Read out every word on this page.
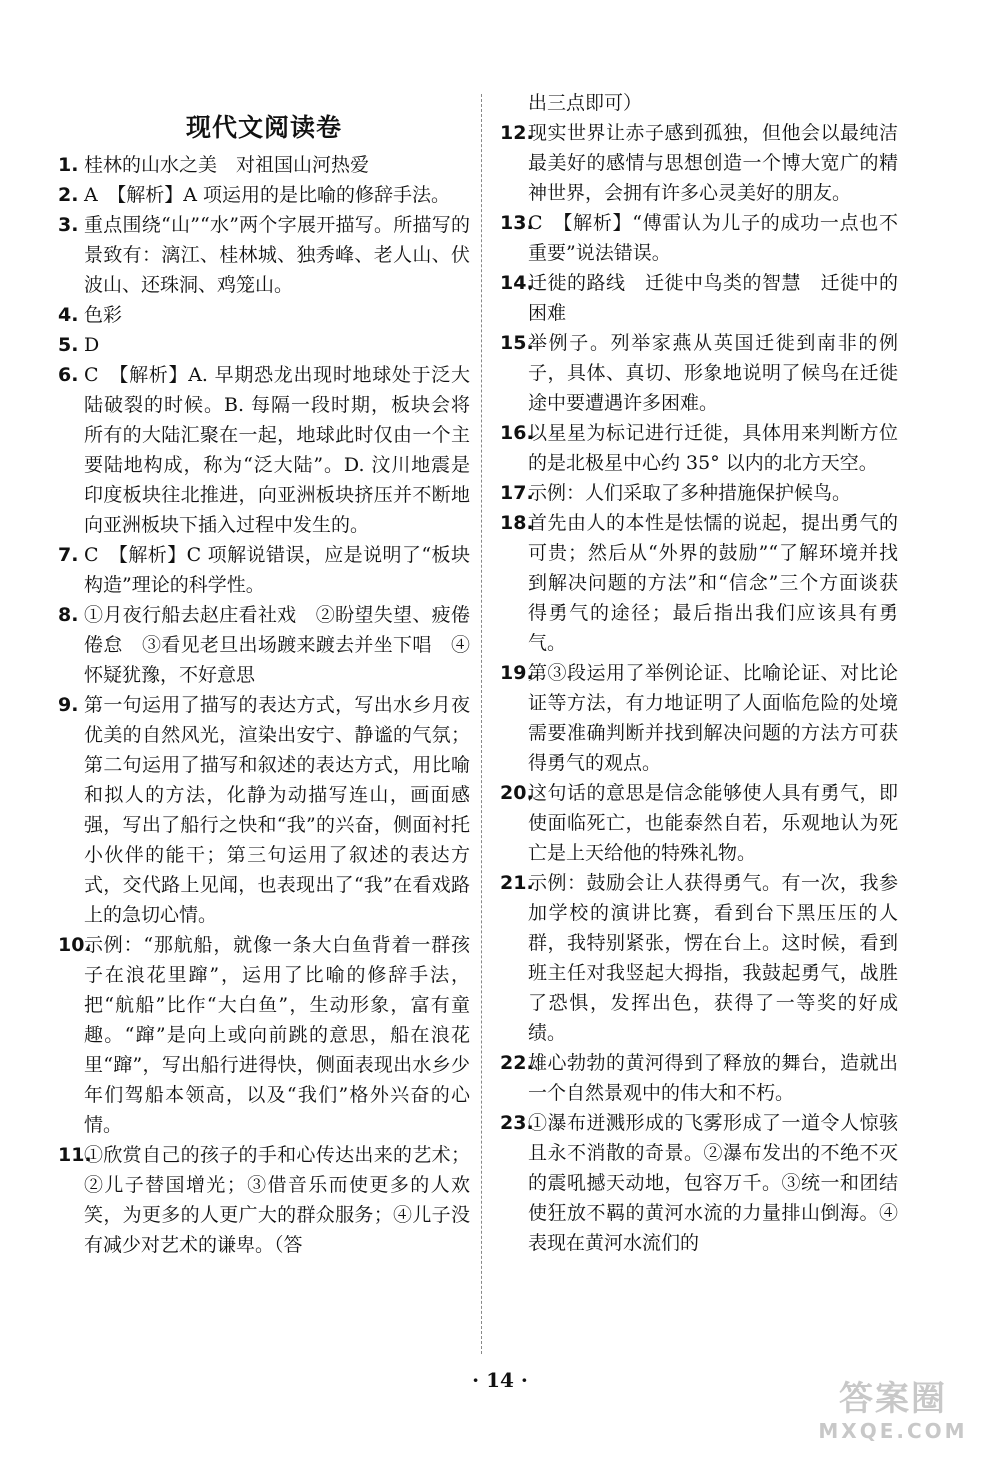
现代文阅读卷

1. 桂林的山水之美　对祖国山河热爱

2. A　【解析】A 项运用的是比喻的修辞手法。

3. 重点围绕“山”“水”两个字展开描写。所描写的景致有：漓江、桂林城、独秀峰、老人山、伏波山、还珠洞、鸡笼山。

4. 色彩

5. D

6. C　【解析】A. 早期恐龙出现时地球处于泛大陆破裂的时候。B. 每隔一段时期，板块会将所有的大陆汇聚在一起，地球此时仅由一个主要陆地构成，称为“泛大陆”。D. 汶川地震是印度板块往北推进，向亚洲板块挤压并不断地向亚洲板块下插入过程中发生的。

7. C　【解析】C 项解说错误，应是说明了“板块构造”理论的科学性。

8. ①月夜行船去赵庄看社戏　②盼望失望、疲倦倦怠　③看见老旦出场踱来踱去并坐下唱　④怀疑犹豫，不好意思

9. 第一句运用了描写的表达方式，写出水乡月夜优美的自然风光，渲染出安宁、静谧的气氛；第二句运用了描写和叙述的表达方式，用比喻和拟人的方法，化静为动描写连山，画面感强，写出了船行之快和“我”的兴奋，侧面衬托小伙伴的能干；第三句运用了叙述的表达方式，交代路上见闻，也表现出了“我”在看戏路上的急切心情。

10.
示例：“那航船，就像一条大白鱼背着一群孩子在浪花里蹿”，运用了比喻的修辞手法，把“航船”比作“大白鱼”，生动形象，富有童趣。“蹿”是向上或向前跳的意思，船在浪花里“蹿”，写出船行进得快，侧面表现出水乡少年们驾船本领高，以及“我们”格外兴奋的心情。

11.
①欣赏自己的孩子的手和心传达出来的艺术；②儿子替国增光；③借音乐而使更多的人欢笑，为更多的人更广大的群众服务；④儿子没有减少对艺术的谦卑。（答

出三点即可）

12.
现实世界让赤子感到孤独，但他会以最纯洁最美好的感情与思想创造一个博大宽广的精神世界，会拥有许多心灵美好的朋友。

13.
C　【解析】“傅雷认为儿子的成功一点也不重要”说法错误。

14.
迁徙的路线　迁徙中鸟类的智慧　迁徙中的困难

15.
举例子。列举家燕从英国迁徙到南非的例子，具体、真切、形象地说明了候鸟在迁徙途中要遭遇许多困难。

16.
以星星为标记进行迁徙，具体用来判断方位的是北极星中心约 35° 以内的北方天空。

17.
示例：人们采取了多种措施保护候鸟。

18.
首先由人的本性是怯懦的说起，提出勇气的可贵；然后从“外界的鼓励”“了解环境并找到解决问题的方法”和“信念”三个方面谈获得勇气的途径；最后指出我们应该具有勇气。

19.
第③段运用了举例论证、比喻论证、对比论证等方法，有力地证明了人面临危险的处境需要准确判断并找到解决问题的方法方可获得勇气的观点。

20.
这句话的意思是信念能够使人具有勇气，即使面临死亡，也能泰然自若，乐观地认为死亡是上天给他的特殊礼物。

21.
示例：鼓励会让人获得勇气。有一次，我参加学校的演讲比赛，看到台下黑压压的人群，我特别紧张，愣在台上。这时候，看到班主任对我竖起大拇指，我鼓起勇气，战胜了恐惧，发挥出色，获得了一等奖的好成绩。

22.
雄心勃勃的黄河得到了释放的舞台，造就出一个自然景观中的伟大和不朽。

23.
①瀑布迸溅形成的飞雾形成了一道令人惊骇且永不消散的奇景。②瀑布发出的不绝不灭的震吼撼天动地，包容万千。③统一和团结使狂放不羁的黄河水流的力量排山倒海。④表现在黄河水流们的

· 14 ·	答案圈
MXQE.COM
